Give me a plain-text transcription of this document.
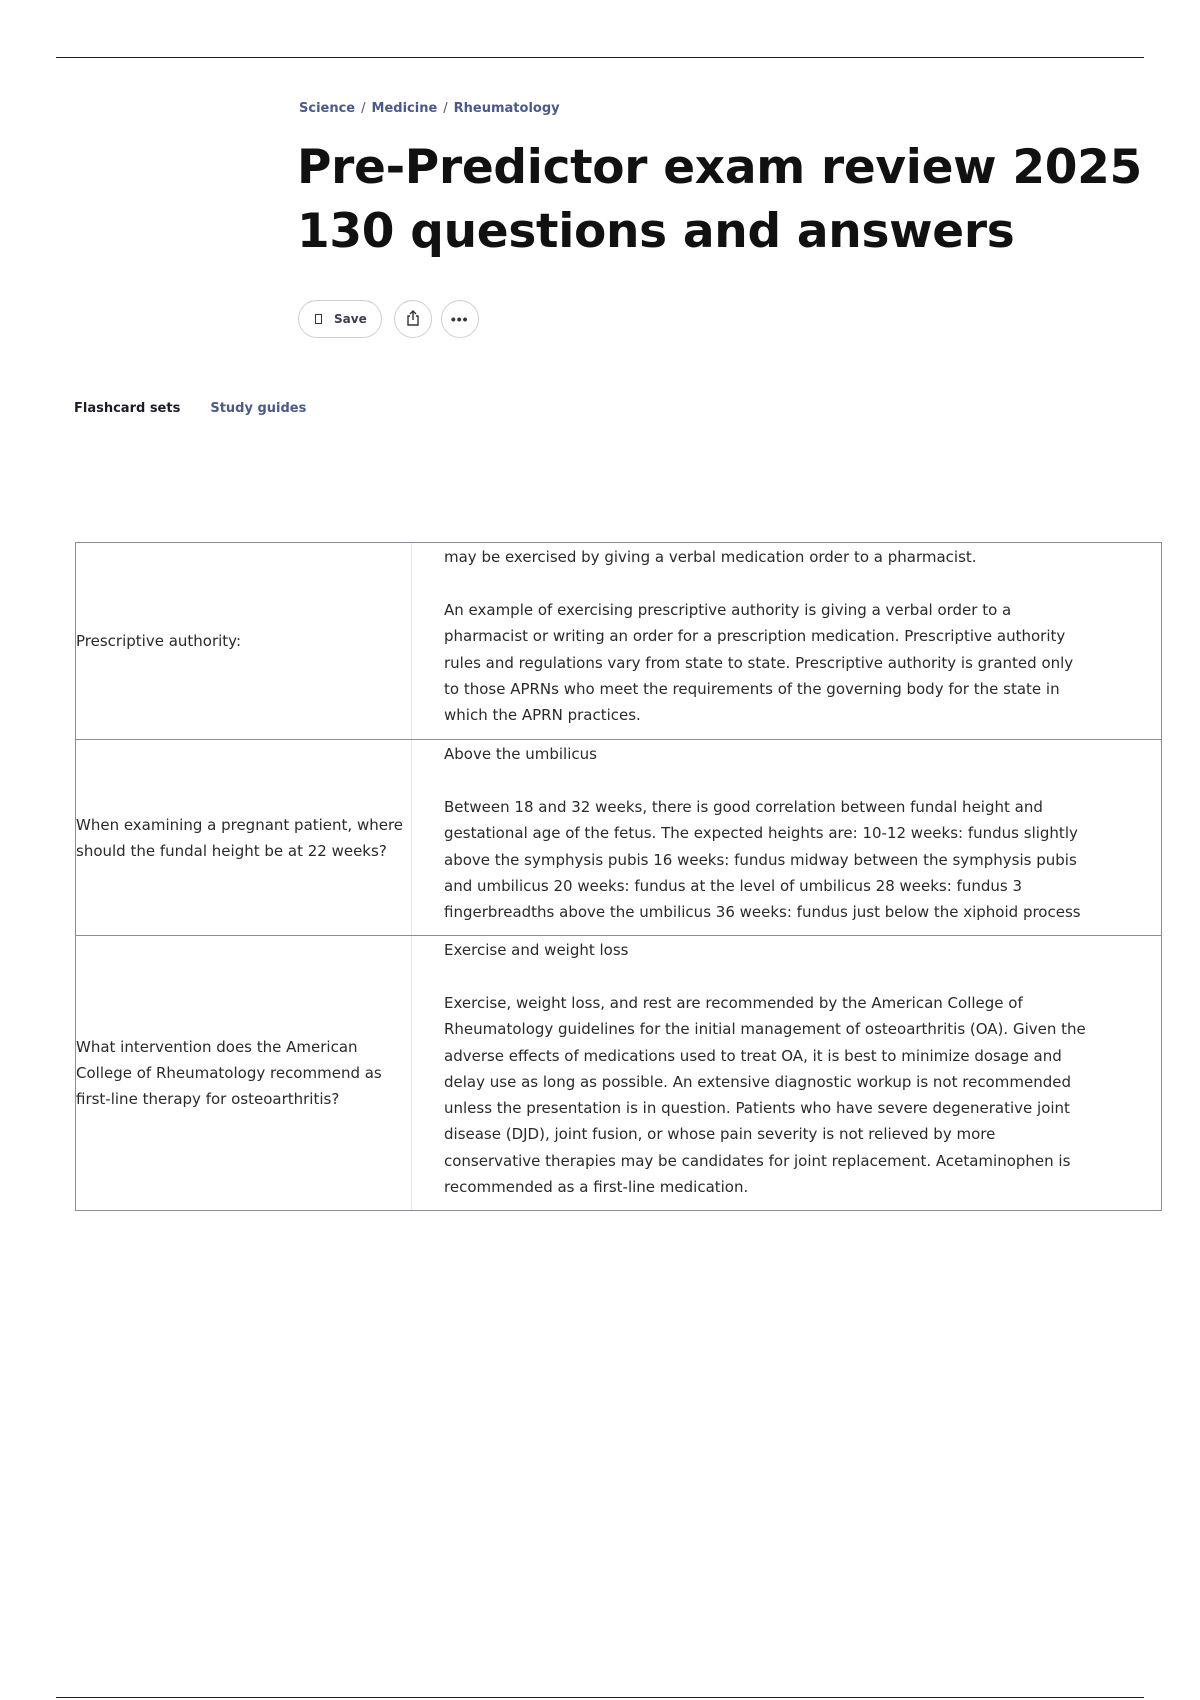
Science / Medicine / Rheumatology
Pre-Predictor exam review 2025 130 questions and answers
Save	•••
Flashcard sets Study guides
Prescriptive authority:

may be exercised by giving a verbal medication order to a pharmacist.

An example of exercising prescriptive authority is giving a verbal order to a pharmacist or writing an order for a prescription medication. Prescriptive authority rules and regulations vary from state to state. Prescriptive authority is granted only to those APRNs who meet the requirements of the governing body for the state in which the APRN practices.

When examining a pregnant patient, where should the fundal height be at 22 weeks?

Above the umbilicus

Between 18 and 32 weeks, there is good correlation between fundal height and gestational age of the fetus. The expected heights are: 10-12 weeks: fundus slightly above the symphysis pubis 16 weeks: fundus midway between the symphysis pubis and umbilicus 20 weeks: fundus at the level of umbilicus 28 weeks: fundus 3 fingerbreadths above the umbilicus 36 weeks: fundus just below the xiphoid process

What intervention does the American College of Rheumatology recommend as first-line therapy for osteoarthritis?

Exercise and weight loss

Exercise, weight loss, and rest are recommended by the American College of Rheumatology guidelines for the initial management of osteoarthritis (OA). Given the adverse effects of medications used to treat OA, it is best to minimize dosage and delay use as long as possible. An extensive diagnostic workup is not recommended unless the presentation is in question. Patients who have severe degenerative joint disease (DJD), joint fusion, or whose pain severity is not relieved by more conservative therapies may be candidates for joint replacement. Acetaminophen is recommended as a first-line medication.
